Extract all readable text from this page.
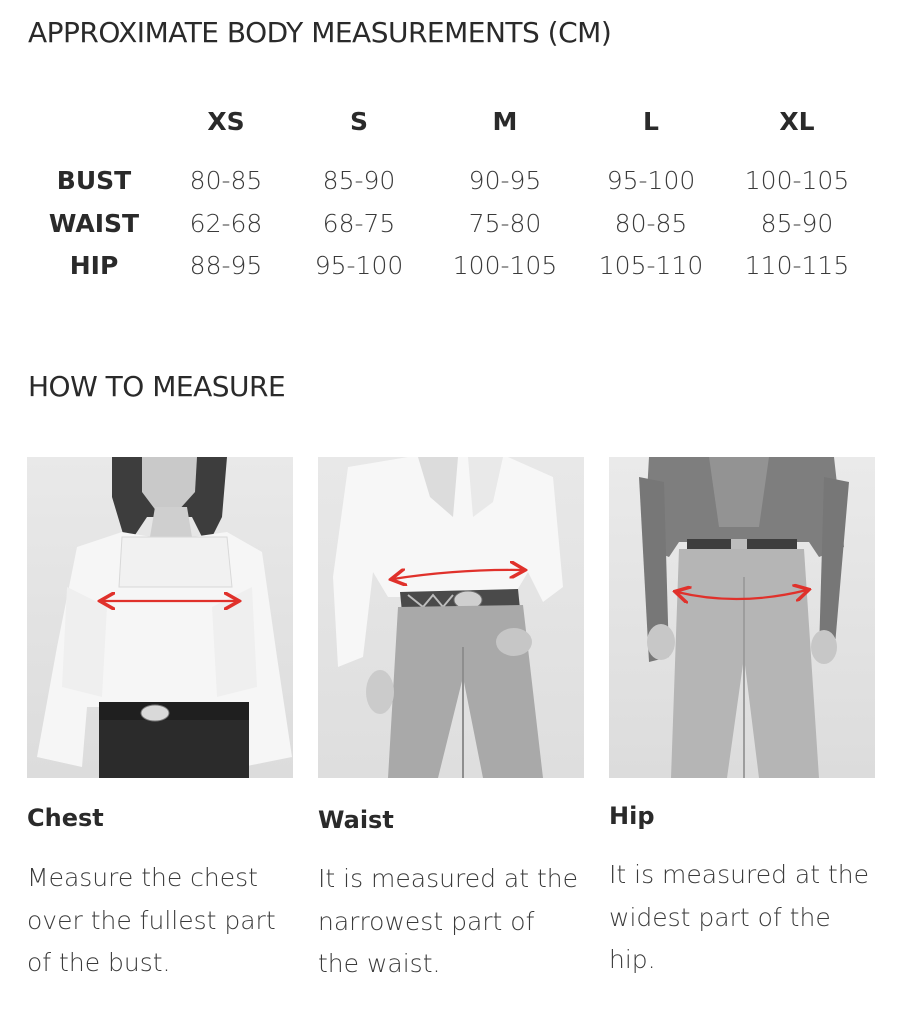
APPROXIMATE BODY MEASUREMENTS (CM)
XS	S	M	L	XL
BUST 80-85 85-90	90-95	95-100 100-105
WAIST 62-68 68-75	75-80	80-85	85-90
HIP	88-95 95-100 100-105 105-110 110-115
HOW TO MEASURE
Chest
Measure the chest
over the fullest part
of the bust.
Waist
It is measured at the
narrowest part of
the waist.
Hip
It is measured at the
widest part of the
hip.
